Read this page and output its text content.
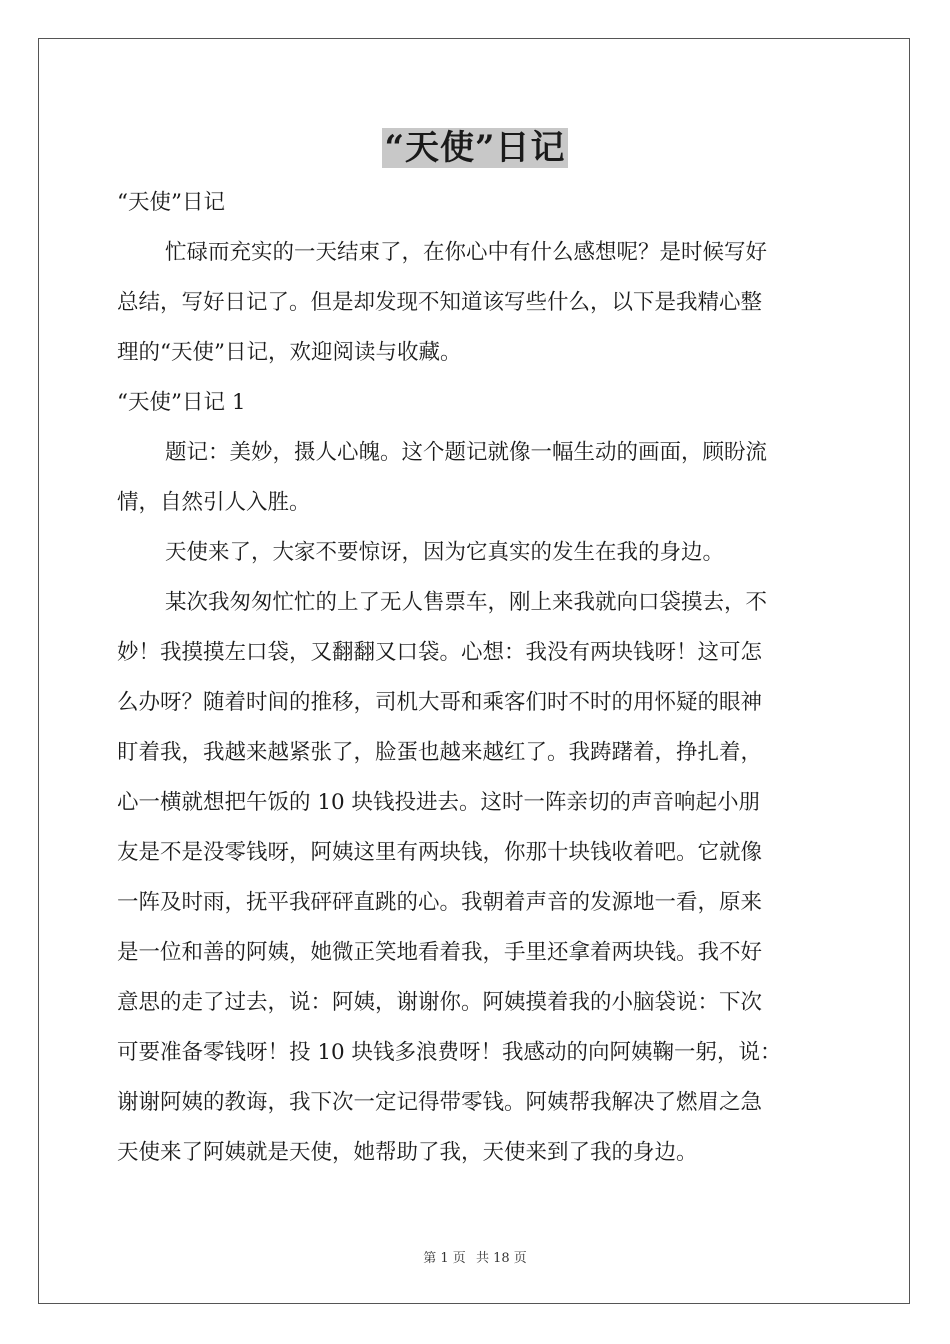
“天使”日记
“天使”日记
忙碌而充实的一天结束了，在你心中有什么感想呢？是时候写好
总结，写好日记了。但是却发现不知道该写些什么，以下是我精心整
理的“天使”日记，欢迎阅读与收藏。
“天使”日记 1
题记：美妙，摄人心魄。这个题记就像一幅生动的画面，顾盼流
情，自然引人入胜。
天使来了，大家不要惊讶，因为它真实的发生在我的身边。
某次我匆匆忙忙的上了无人售票车，刚上来我就向口袋摸去，不
妙！我摸摸左口袋，又翻翻又口袋。心想：我没有两块钱呀！这可怎
么办呀？随着时间的推移，司机大哥和乘客们时不时的用怀疑的眼神
盯着我，我越来越紧张了，脸蛋也越来越红了。我踌躇着，挣扎着，
心一横就想把午饭的 10 块钱投进去。这时一阵亲切的声音响起小朋
友是不是没零钱呀，阿姨这里有两块钱，你那十块钱收着吧。它就像
一阵及时雨，抚平我砰砰直跳的心。我朝着声音的发源地一看，原来
是一位和善的阿姨，她微正笑地看着我，手里还拿着两块钱。我不好
意思的走了过去，说：阿姨，谢谢你。阿姨摸着我的小脑袋说：下次
可要准备零钱呀！投 10 块钱多浪费呀！我感动的向阿姨鞠一躬，说：
谢谢阿姨的教诲，我下次一定记得带零钱。阿姨帮我解决了燃眉之急
天使来了阿姨就是天使，她帮助了我，天使来到了我的身边。
第 1 页 共 18 页
